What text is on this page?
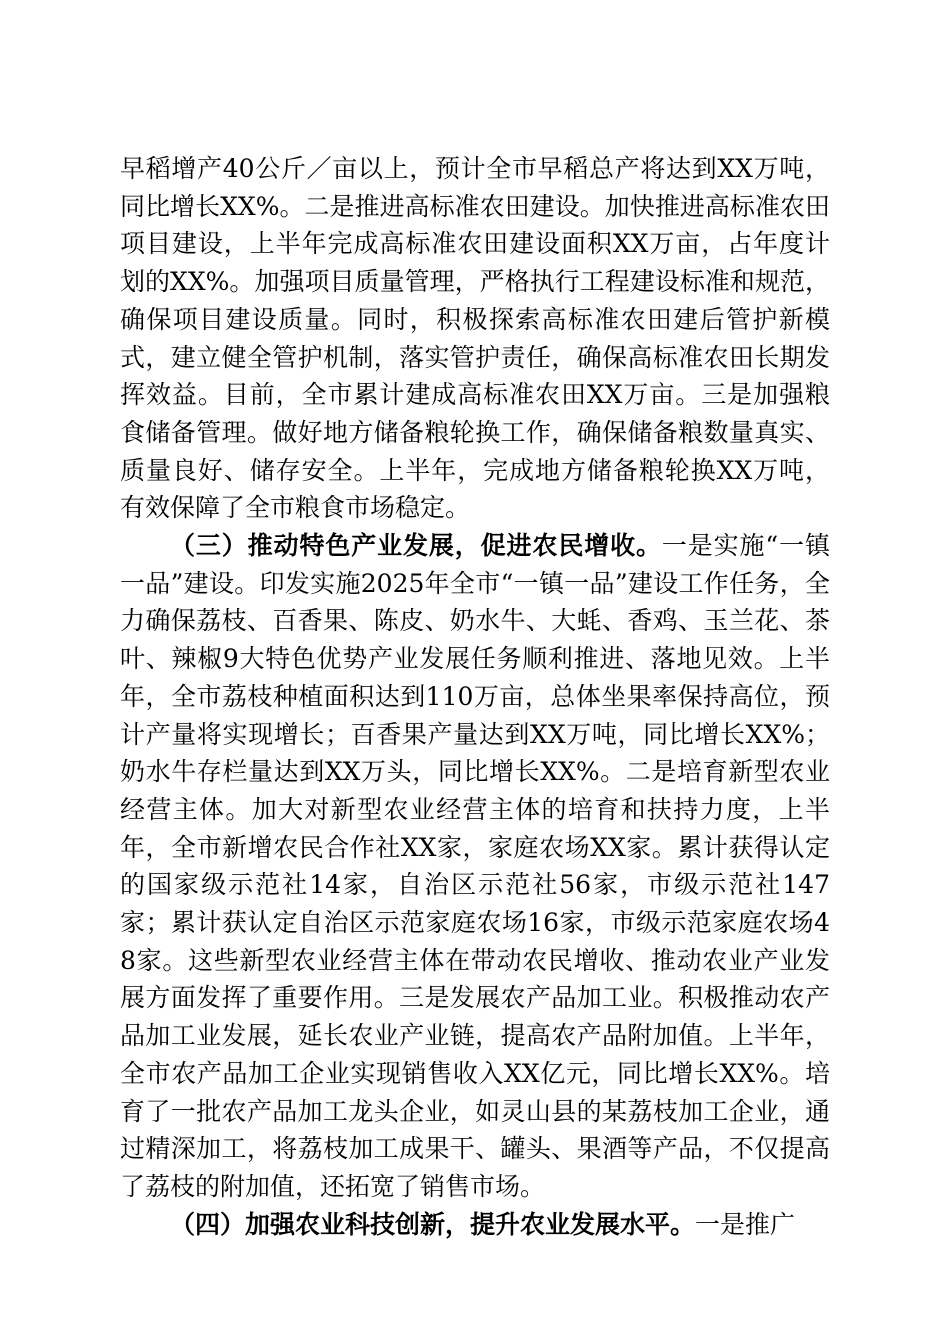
早稻增产40公斤／亩以上，预计全市早稻总产将达到XX万吨，同比增长XX%。二是推进高标准农田建设。加快推进高标准农田项目建设，上半年完成高标准农田建设面积XX万亩，占年度计划的XX%。加强项目质量管理，严格执行工程建设标准和规范，确保项目建设质量。同时，积极探索高标准农田建后管护新模式，建立健全管护机制，落实管护责任，确保高标准农田长期发挥效益。目前，全市累计建成高标准农田XX万亩。三是加强粮食储备管理。做好地方储备粮轮换工作，确保储备粮数量真实、质量良好、储存安全。上半年，完成地方储备粮轮换XX万吨，有效保障了全市粮食市场稳定。

（三）推动特色产业发展，促进农民增收。一是实施“一镇一品”建设。印发实施2025年全市“一镇一品”建设工作任务，全力确保荔枝、百香果、陈皮、奶水牛、大蚝、香鸡、玉兰花、茶叶、辣椒9大特色优势产业发展任务顺利推进、落地见效。上半年，全市荔枝种植面积达到110万亩，总体坐果率保持高位，预计产量将实现增长；百香果产量达到XX万吨，同比增长XX%；奶水牛存栏量达到XX万头，同比增长XX%。二是培育新型农业经营主体。加大对新型农业经营主体的培育和扶持力度，上半年，全市新增农民合作社XX家，家庭农场XX家。累计获得认定的国家级示范社14家，自治区示范社56家，市级示范社147家；累计获认定自治区示范家庭农场16家，市级示范家庭农场48家。这些新型农业经营主体在带动农民增收、推动农业产业发展方面发挥了重要作用。三是发展农产品加工业。积极推动农产品加工业发展，延长农业产业链，提高农产品附加值。上半年，全市农产品加工企业实现销售收入XX亿元，同比增长XX%。培育了一批农产品加工龙头企业，如灵山县的某荔枝加工企业，通过精深加工，将荔枝加工成果干、罐头、果酒等产品，不仅提高了荔枝的附加值，还拓宽了销售市场。

（四）加强农业科技创新，提升农业发展水平。一是推广
